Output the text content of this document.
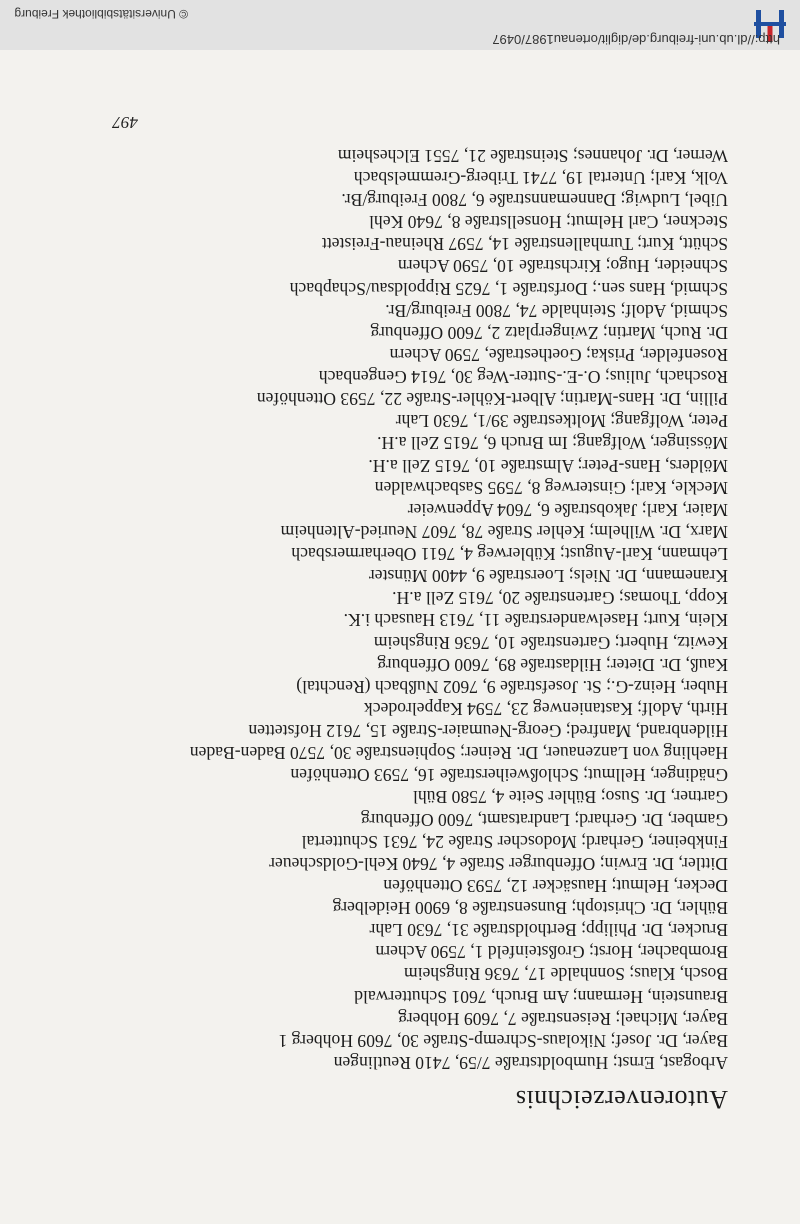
Autorenverzeichnis
Arbogast, Ernst; Humboldtstraße 7/59, 7410 Reutlingen
Bayer, Dr. Josef; Nikolaus-Schremp-Straße 30, 7609 Hohberg 1
Bayer, Michael; Reisenstraße 7, 7609 Hohberg
Braunstein, Hermann; Am Bruch, 7601 Schutterwald
Bosch, Klaus; Sonnhalde 17, 7636 Ringsheim
Brombacher, Horst; Großsteinfeld 1, 7590 Achern
Brucker, Dr. Philipp; Bertholdstraße 31, 7630 Lahr
Bühler, Dr. Christoph; Bunsenstraße 8, 6900 Heidelberg
Decker, Helmut; Hausäcker 12, 7593 Ottenhöfen
Dittler, Dr. Erwin; Offenburger Straße 4, 7640 Kehl-Goldscheuer
Finkbeiner, Gerhard; Modoscher Straße 24, 7631 Schuttertal
Gamber, Dr. Gerhard; Landratsamt, 7600 Offenburg
Gartner, Dr. Suso; Bühler Seite 4, 7580 Bühl
Gnädinger, Hellmut; Schloßweiherstraße 16, 7593 Ottenhöfen
Haehling von Lanzenauer, Dr. Reiner; Sophienstraße 30, 7570 Baden-Baden
Hildenbrand, Manfred; Georg-Neumaier-Straße 15, 7612 Hofstetten
Hirth, Adolf; Kastanienweg 23, 7594 Kappelrodeck
Huber, Heinz-G.; St. Josefstraße 9, 7602 Nußbach (Renchtal)
Kauß, Dr. Dieter; Hildastraße 89, 7600 Offenburg
Kewitz, Hubert; Gartenstraße 10, 7636 Ringsheim
Klein, Kurt; Haselwanderstraße 11, 7613 Hausach i.K.
Kopp, Thomas; Gartenstraße 20, 7615 Zell a.H.
Kranemann, Dr. Niels; Loerstraße 9, 4400 Münster
Lehmann, Karl-August; Küblerweg 4, 7611 Oberharmersbach
Marx, Dr. Wilhelm; Kehler Straße 78, 7607 Neuried-Altenheim
Maier, Karl; Jakobstraße 6, 7604 Appenweier
Meckle, Karl; Ginsterweg 8, 7595 Sasbachwalden
Mölders, Hans-Peter; Almstraße 10, 7615 Zell a.H.
Mössinger, Wolfgang; Im Bruch 6, 7615 Zell a.H.
Peter, Wolfgang; Moltkestraße 39/1, 7630 Lahr
Pillin, Dr. Hans-Martin; Albert-Köhler-Straße 22, 7593 Ottenhöfen
Roschach, Julius; O.-E.-Sutter-Weg 30, 7614 Gengenbach
Rosenfelder, Priska; Goethestraße, 7590 Achern
Dr. Ruch, Martin; Zwingerplatz 2, 7600 Offenburg
Schmid, Adolf; Steinhalde 74, 7800 Freiburg/Br.
Schmid, Hans sen.; Dorfstraße 1, 7625 Rippoldsau/Schapbach
Schneider, Hugo; Kirchstraße 10, 7590 Achern
Schütt, Kurt; Turnhallenstraße 14, 7597 Rheinau-Freistett
Steckner, Carl Helmut; Honsellstraße 8, 7640 Kehl
Uibel, Ludwig; Dannemannstraße 6, 7800 Freiburg/Br.
Volk, Karl; Untertal 19, 7741 Triberg-Gremmelsbach
Werner, Dr. Johannes; Steinstraße 21, 7551 Elchesheim
497
http://dl.ub.uni-freiburg.de/diglit/ortenau1987/0497
© Universitätsbibliothek Freiburg
